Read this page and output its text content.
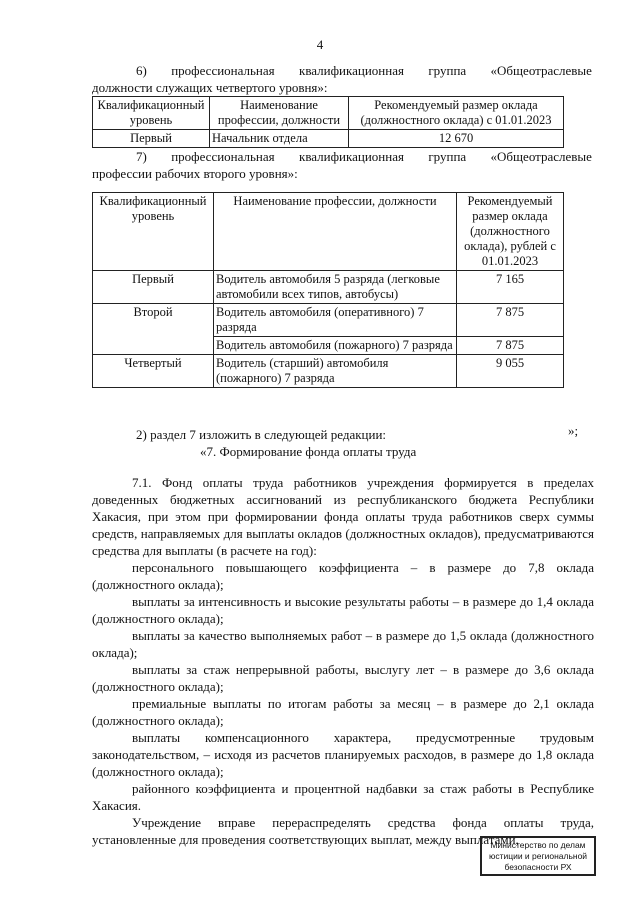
4
6) профессиональная квалификационная группа «Общеотраслевые
должности служащих четвертого уровня»:
Квалификационный уровень	Наименование профессии, должности	Рекомендуемый размер оклада (должностного оклада) с 01.01.2023
Первый	Начальник отдела	12 670
7) профессиональная квалификационная группа «Общеотраслевые
профессии рабочих второго уровня»:
Квалификационный уровень	Наименование профессии, должности	Рекомендуемый размер оклада (должностного оклада), рублей с 01.01.2023
Первый	Водитель автомобиля 5 разряда (легковые автомобили всех типов, автобусы)	7 165
Второй	Водитель автомобиля (оперативного) 7 разряда	7 875
	Водитель автомобиля (пожарного) 7 разряда	7 875
Четвертый	Водитель (старший) автомобиля (пожарного) 7 разряда	9 055
»;
2) раздел 7 изложить в следующей редакции:
«7. Формирование фонда оплаты труда

7.1. Фонд оплаты труда работников учреждения формируется в пределах доведенных бюджетных ассигнований из республиканского бюджета Республики Хакасия, при этом при формировании фонда оплаты труда работников сверх суммы средств, направляемых для выплаты окладов (должностных окладов), предусматриваются средства для выплаты (в расчете на год):

персонального повышающего коэффициента – в размере до 7,8 оклада (должностного оклада);

выплаты за интенсивность и высокие результаты работы – в размере до 1,4 оклада (должностного оклада);

выплаты за качество выполняемых работ – в размере до 1,5 оклада (должностного оклада);

выплаты за стаж непрерывной работы, выслугу лет – в размере до 3,6 оклада (должностного оклада);

премиальные выплаты по итогам работы за месяц – в размере до 2,1 оклада (должностного оклада);

выплаты компенсационного характера, предусмотренные трудовым законодательством, – исходя из расчетов планируемых расходов, в размере до 1,8 оклада (должностного оклада);

районного коэффициента и процентной надбавки за стаж работы в Республике Хакасия.

Учреждение вправе перераспределять средства фонда оплаты труда, установленные для проведения соответствующих выплат, между выплатами,

Министерство по делам
юстиции и региональной
безопасности РХ
